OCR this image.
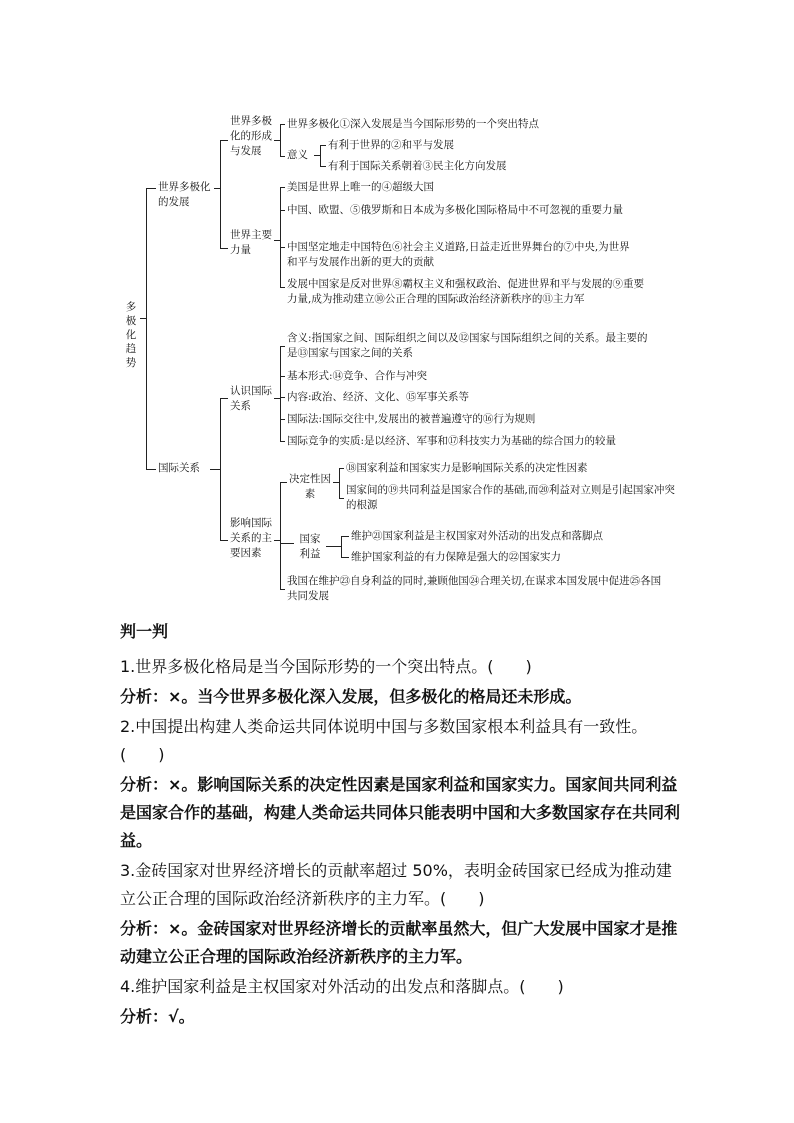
多极化趋势
世界多极化的发展
国际关系
世界多极化的形成与发展
世界主要力量
认识国际关系
影响国际关系的主要因素
意义
决定性因素
国家利益
世界多极化①深入发展是当今国际形势的一个突出特点
有利于世界的②和平与发展
有利于国际关系朝着③民主化方向发展
美国是世界上唯一的④超级大国
中国、欧盟、⑤俄罗斯和日本成为多极化国际格局中不可忽视的重要力量
中国坚定地走中国特色⑥社会主义道路,日益走近世界舞台的⑦中央,为世界和平与发展作出新的更大的贡献
发展中国家是反对世界⑧霸权主义和强权政治、促进世界和平与发展的⑨重要力量,成为推动建立⑩公正合理的国际政治经济新秩序的⑪主力军
含义:指国家之间、国际组织之间以及⑫国家与国际组织之间的关系。最主要的是⑬国家与国家之间的关系
基本形式:⑭竞争、合作与冲突
内容:政治、经济、文化、⑮军事关系等
国际法:国际交往中,发展出的被普遍遵守的⑯行为规则
国际竞争的实质:是以经济、军事和⑰科技实力为基础的综合国力的较量
⑱国家利益和国家实力是影响国际关系的决定性因素
国家间的⑲共同利益是国家合作的基础,而⑳利益对立则是引起国家冲突的根源
维护㉑国家利益是主权国家对外活动的出发点和落脚点
维护国家利益的有力保障是强大的㉒国家实力
我国在维护㉓自身利益的同时,兼顾他国㉔合理关切,在谋求本国发展中促进㉕各国共同发展
判一判
1.世界多极化格局是当今国际形势的一个突出特点。(　　)
分析：×。当今世界多极化深入发展，但多极化的格局还未形成。
2.中国提出构建人类命运共同体说明中国与多数国家根本利益具有一致性。(　　)
分析：×。影响国际关系的决定性因素是国家利益和国家实力。国家间共同利益是国家合作的基础，构建人类命运共同体只能表明中国和大多数国家存在共同利益。
3.金砖国家对世界经济增长的贡献率超过 50%，表明金砖国家已经成为推动建立公正合理的国际政治经济新秩序的主力军。(　　)
分析：×。金砖国家对世界经济增长的贡献率虽然大，但广大发展中国家才是推动建立公正合理的国际政治经济新秩序的主力军。
4.维护国家利益是主权国家对外活动的出发点和落脚点。(　　)
分析：√。
